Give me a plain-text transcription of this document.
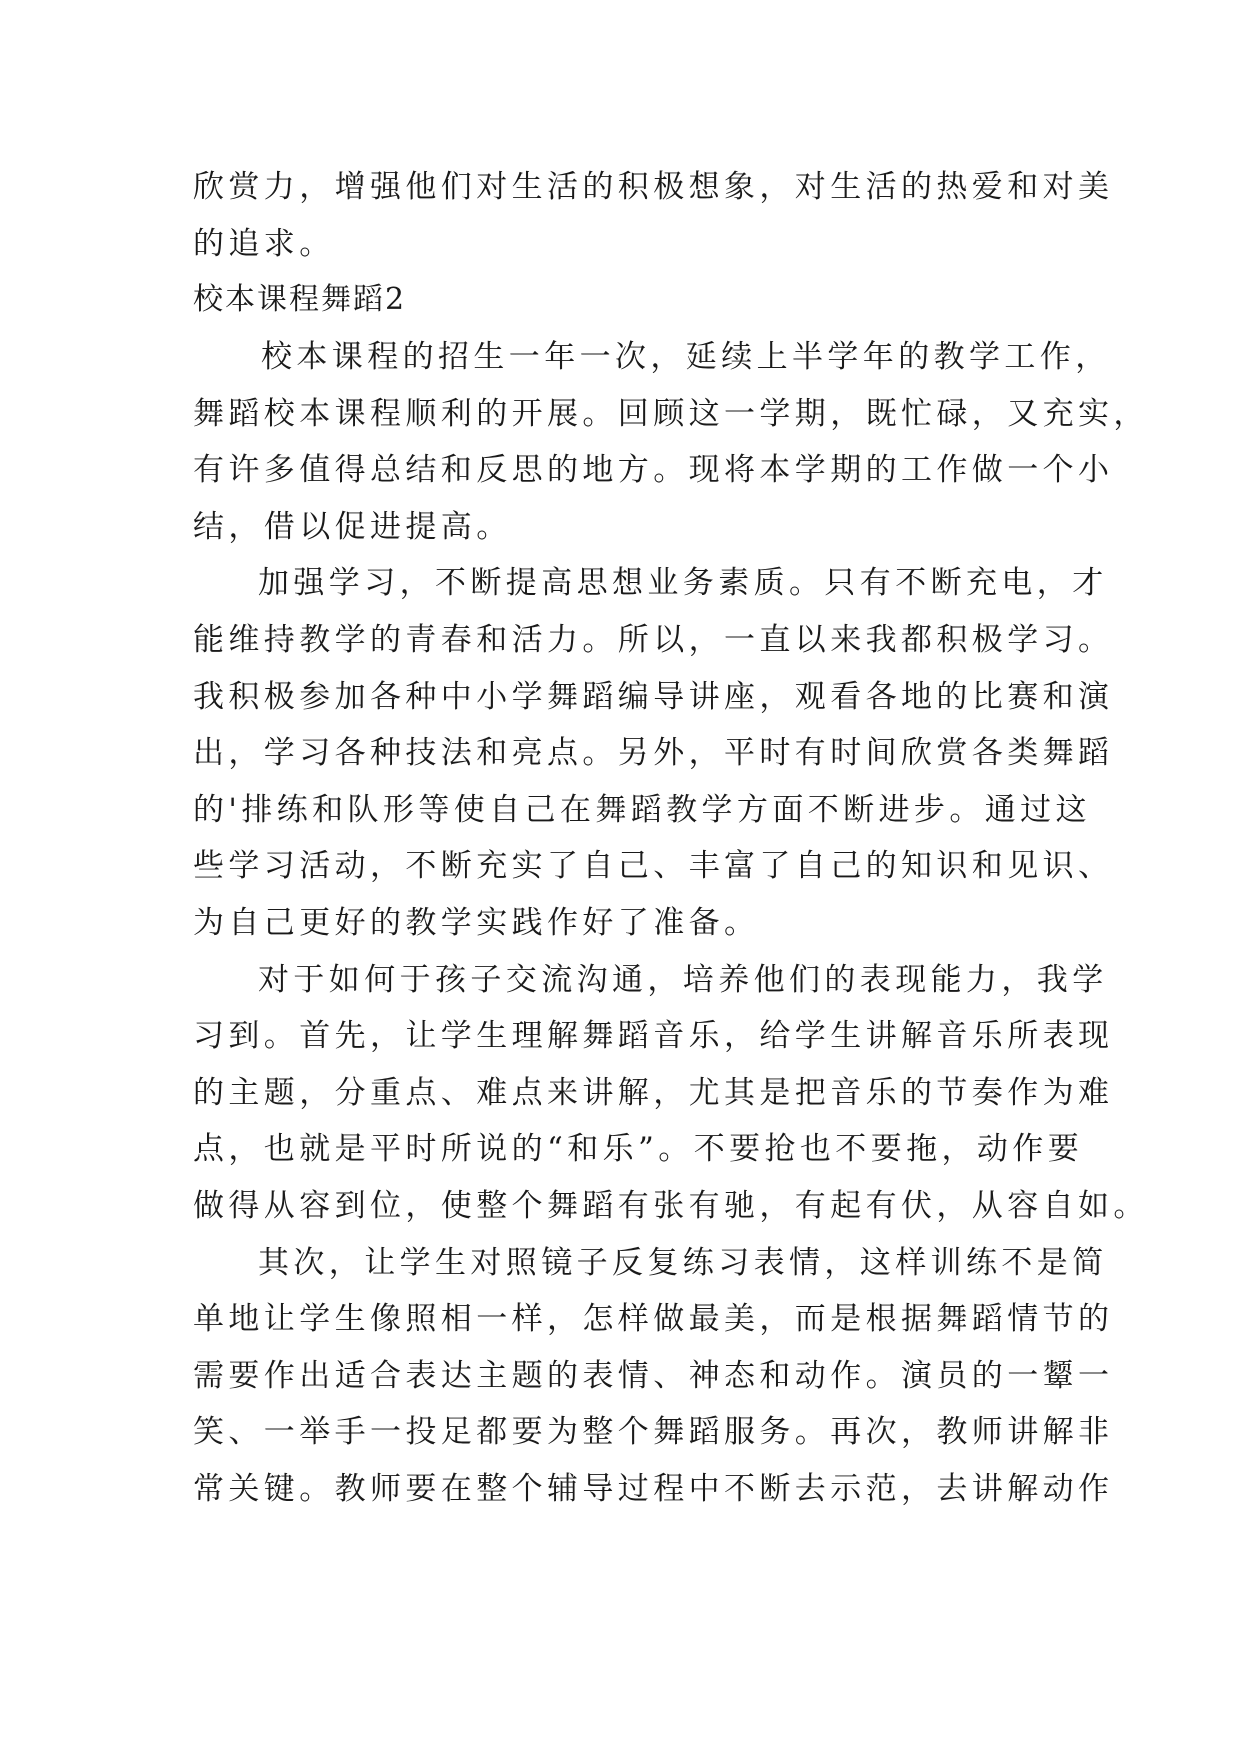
欣赏力，增强他们对生活的积极想象，对生活的热爱和对美
的追求。
校本课程舞蹈2
校本课程的招生一年一次，延续上半学年的教学工作，
舞蹈校本课程顺利的开展。回顾这一学期，既忙碌，又充实，
有许多值得总结和反思的地方。现将本学期的工作做一个小
结，借以促进提高。
加强学习，不断提高思想业务素质。只有不断充电，才
能维持教学的青春和活力。所以，一直以来我都积极学习。
我积极参加各种中小学舞蹈编导讲座，观看各地的比赛和演
出，学习各种技法和亮点。另外，平时有时间欣赏各类舞蹈
的'排练和队形等使自己在舞蹈教学方面不断进步。通过这
些学习活动，不断充实了自己、丰富了自己的知识和见识、
为自己更好的教学实践作好了准备。
对于如何于孩子交流沟通，培养他们的表现能力，我学
习到。首先，让学生理解舞蹈音乐，给学生讲解音乐所表现
的主题，分重点、难点来讲解，尤其是把音乐的节奏作为难
点，也就是平时所说的“和乐”。不要抢也不要拖，动作要
做得从容到位，使整个舞蹈有张有驰，有起有伏，从容自如。
其次，让学生对照镜子反复练习表情，这样训练不是简
单地让学生像照相一样，怎样做最美，而是根据舞蹈情节的
需要作出适合表达主题的表情、神态和动作。演员的一颦一
笑、一举手一投足都要为整个舞蹈服务。再次，教师讲解非
常关键。教师要在整个辅导过程中不断去示范，去讲解动作
